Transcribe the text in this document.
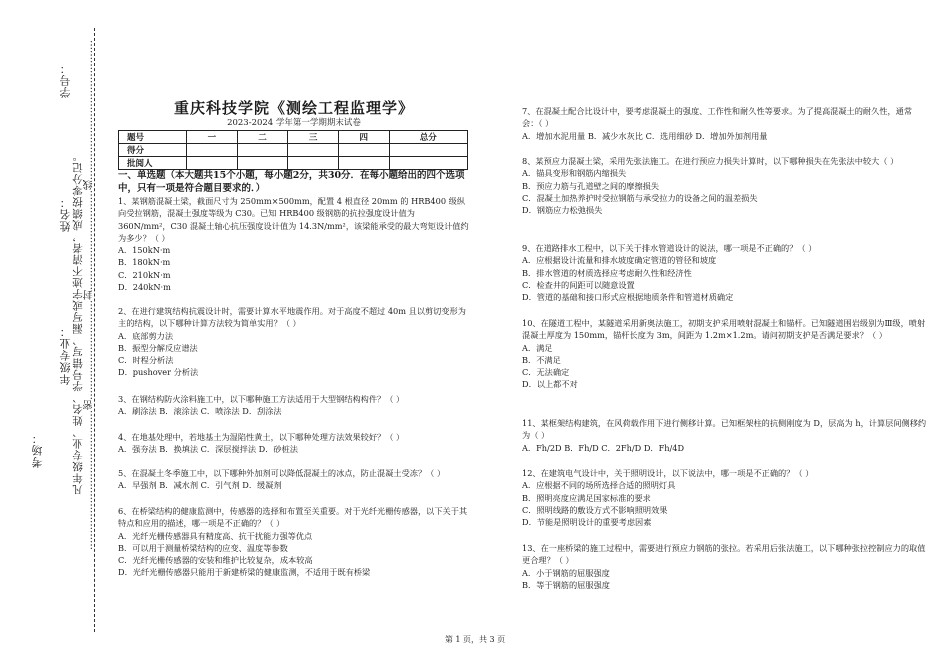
……………………………………密…………………………封…………………………线……………………………………
学号：
姓名：
年级专业： 凡年级专业、姓名、学号错写、漏写或字迹不清者，成绩按零分记。
考场：
重庆科技学院《测绘工程监理学》
2023-2024 学年第一学期期末试卷
题号	一	二	三	四	总分
得分					
批阅人					
一、单选题（本大题共15个小题，每小题2分，共30分．在每小题给出的四个选项中，只有一项是符合题目要求的．）

1、某钢筋混凝土梁，截面尺寸为 250mm×500mm，配置 4 根直径 20mm 的 HRB400 级纵向受拉钢筋，混凝土强度等级为 C30。已知 HRB400 级钢筋的抗拉强度设计值为 360N/mm²，C30 混凝土轴心抗压强度设计值为 14.3N/mm²，该梁能承受的最大弯矩设计值约为多少？（ ）

A．150kN·m

B．180kN·m

C．210kN·m

D．240kN·m

2、在进行建筑结构抗震设计时，需要计算水平地震作用。对于高度不超过 40m 且以剪切变形为主的结构，以下哪种计算方法较为简单实用？（ ）

A．底部剪力法

B．振型分解反应谱法

C．时程分析法

D．pushover 分析法

3、在钢结构防火涂料施工中，以下哪种施工方法适用于大型钢结构构件？（ ）

A．刷涂法 B．滚涂法 C．喷涂法 D．刮涂法

4、在地基处理中，若地基土为湿陷性黄土，以下哪种处理方法效果较好？（ ）

A．强夯法 B．换填法 C．深层搅拌法 D．砂桩法

5、在混凝土冬季施工中，以下哪种外加剂可以降低混凝土的冰点，防止混凝土受冻？（ ）

A．早强剂 B．减水剂 C．引气剂 D．缓凝剂

6、在桥梁结构的健康监测中，传感器的选择和布置至关重要。对于光纤光栅传感器，以下关于其特点和应用的描述，哪一项是不正确的？（ ）

A．光纤光栅传感器具有精度高、抗干扰能力强等优点

B．可以用于测量桥梁结构的应变、温度等参数

C．光纤光栅传感器的安装和维护比较复杂，成本较高

D．光纤光栅传感器只能用于新建桥梁的健康监测，不适用于既有桥梁

7、在混凝土配合比设计中，要考虑混凝土的强度、工作性和耐久性等要求。为了提高混凝土的耐久性，通常会：（ ）

A．增加水泥用量 B．减少水灰比 C．选用细砂 D．增加外加剂用量

8、某预应力混凝土梁，采用先张法施工。在进行预应力损失计算时，以下哪种损失在先张法中较大（ ）

A．锚具变形和钢筋内缩损失

B．预应力筋与孔道壁之间的摩擦损失

C．混凝土加热养护时受拉钢筋与承受拉力的设备之间的温差损失

D．钢筋应力松弛损失

9、在道路排水工程中，以下关于排水管道设计的说法，哪一项是不正确的？（ ）

A．应根据设计流量和排水坡度确定管道的管径和坡度

B．排水管道的材质选择应考虑耐久性和经济性

C．检查井的间距可以随意设置

D．管道的基础和接口形式应根据地质条件和管道材质确定

10、在隧道工程中，某隧道采用新奥法施工，初期支护采用喷射混凝土和锚杆。已知隧道围岩级别为Ⅲ级，喷射混凝土厚度为 150mm，锚杆长度为 3m，间距为 1.2m×1.2m。请问初期支护是否满足要求？（ ）

A．满足

B．不满足

C．无法确定

D．以上都不对

11、某框架结构建筑，在风荷载作用下进行侧移计算。已知框架柱的抗侧刚度为 D，层高为 h，计算层间侧移约为（ ）

A．Fh/2D B．Fh/D C．2Fh/D D．Fh/4D

12、在建筑电气设计中，关于照明设计，以下说法中，哪一项是不正确的？（ ）

A．应根据不同的场所选择合适的照明灯具

B．照明亮度应满足国家标准的要求

C．照明线路的敷设方式不影响照明效果

D．节能是照明设计的重要考虑因素

13、在一座桥梁的施工过程中，需要进行预应力钢筋的张拉。若采用后张法施工，以下哪种张拉控制应力的取值更合理？（ ）

A．小于钢筋的屈服强度

B．等于钢筋的屈服强度

第 1 页，共 3 页
